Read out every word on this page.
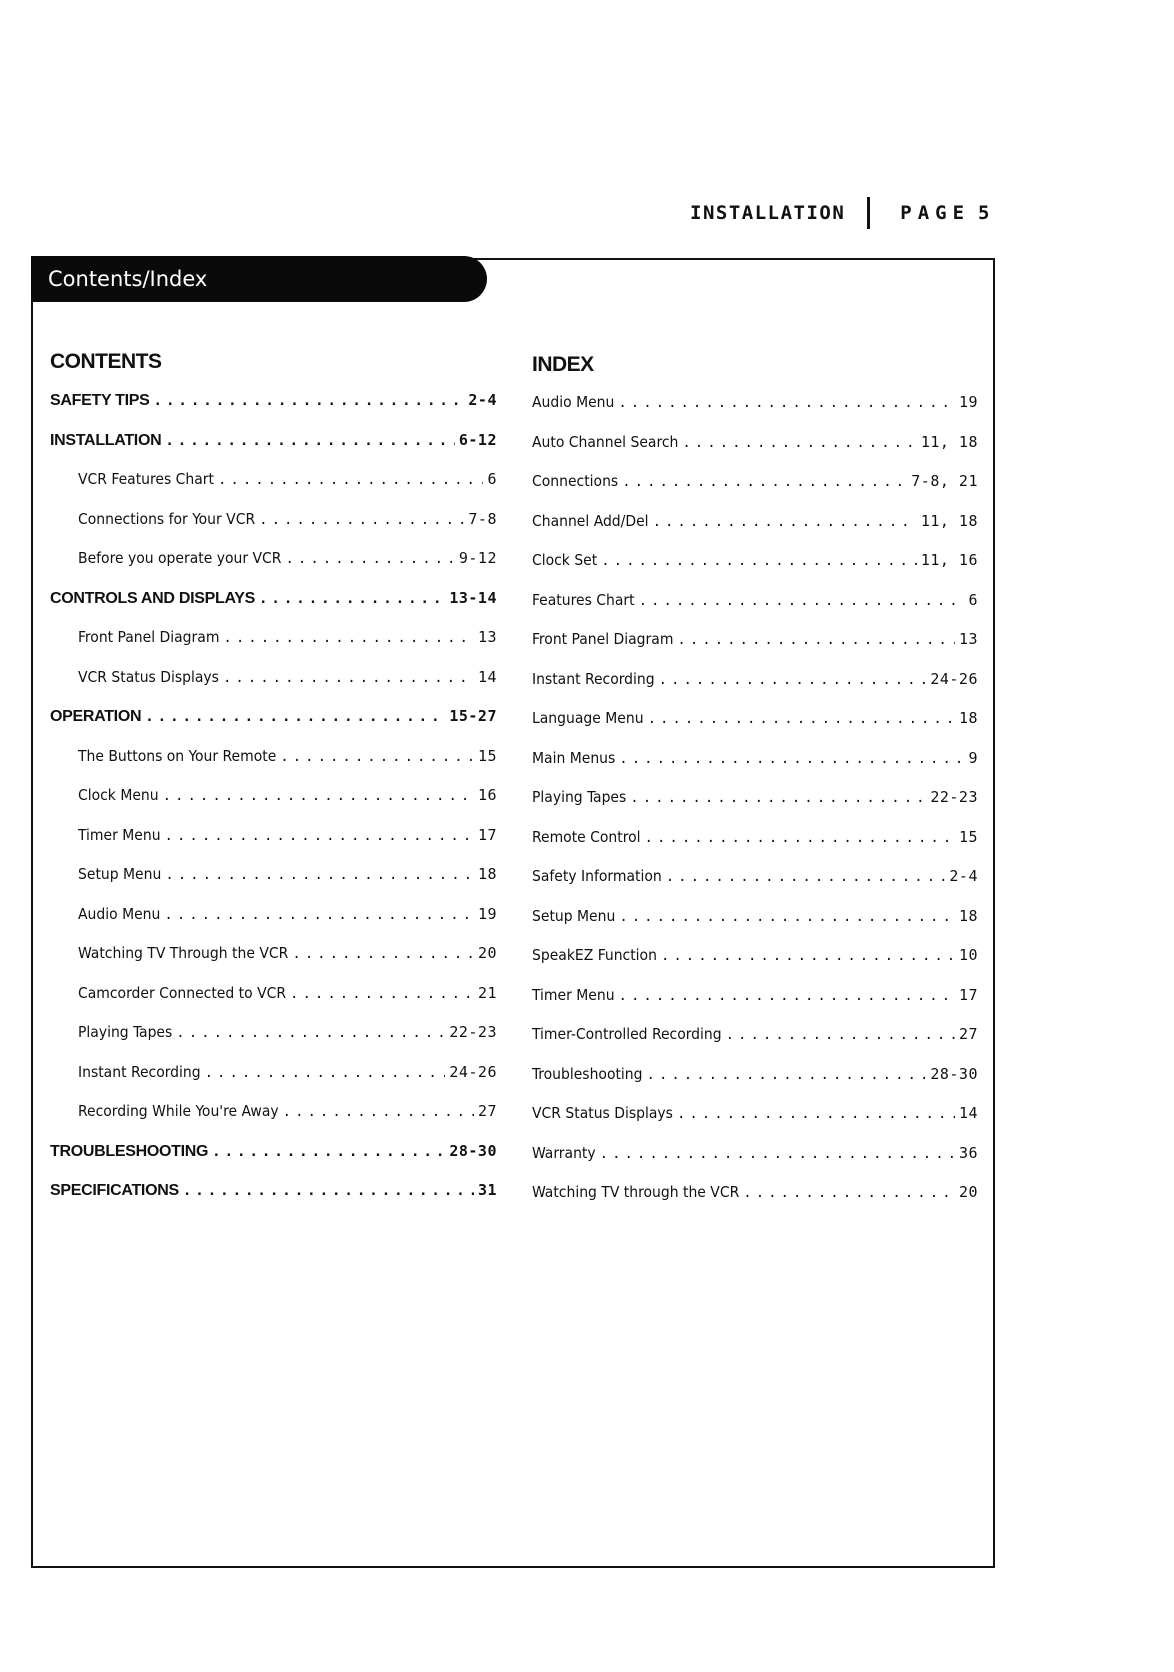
INSTALLATION	PAGE 5
Contents/Index
CONTENTS
SAFETY TIPS .....	2-4
INSTALLATION .....	6-12
VCR Features Chart .....	6
Connections for Your VCR .....	7-8
Before you operate your VCR .....	9-12
CONTROLS AND DISPLAYS .....	13-14
Front Panel Diagram .....	13
VCR Status Displays .....	14
OPERATION .....	15-27
The Buttons on Your Remote .....	15
Clock Menu .....	16
Timer Menu .....	17
Setup Menu .....	18
Audio Menu .....	19
Watching TV Through the VCR .....	20
Camcorder Connected to VCR .....	21
Playing Tapes .....	22-23
Instant Recording .....	24-26
Recording While You're Away .....	27
TROUBLESHOOTING .....	28-30
SPECIFICATIONS .....	31
INDEX
Audio Menu .....	19
Auto Channel Search .....	11, 18
Connections .....	7-8, 21
Channel Add/Del .....	11, 18
Clock Set .....	11, 16
Features Chart .....	6
Front Panel Diagram .....	13
Instant Recording .....	24-26
Language Menu .....	18
Main Menus .....	9
Playing Tapes .....	22-23
Remote Control .....	15
Safety Information .....	2-4
Setup Menu .....	18
SpeakEZ Function .....	10
Timer Menu .....	17
Timer-Controlled Recording .....	27
Troubleshooting .....	28-30
VCR Status Displays .....	14
Warranty .....	36
Watching TV through the VCR .....	20
